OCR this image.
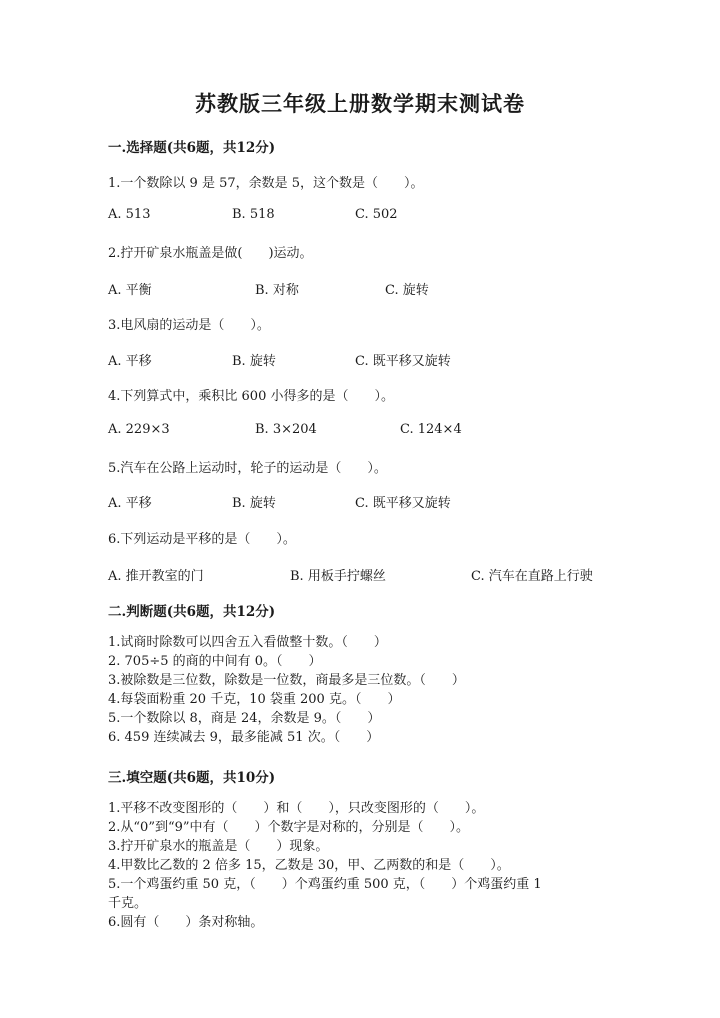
苏教版三年级上册数学期末测试卷
一.选择题(共6题，共12分)
1.一个数除以 9 是 57，余数是 5，这个数是（　　）。
A. 513	B. 518	C. 502
2.拧开矿泉水瓶盖是做(　　)运动。
A. 平衡	B. 对称	C. 旋转
3.电风扇的运动是（　　）。
A. 平移	B. 旋转	C. 既平移又旋转
4.下列算式中，乘积比 600 小得多的是（　　）。
A. 229×3	B. 3×204	C. 124×4
5.汽车在公路上运动时，轮子的运动是（　　）。
A. 平移	B. 旋转	C. 既平移又旋转
6.下列运动是平移的是（　　）。
A. 推开教室的门	B. 用板手拧螺丝	C. 汽车在直路上行驶
二.判断题(共6题，共12分)
1.试商时除数可以四舍五入看做整十数。（　　）
2. 705÷5 的商的中间有 0。（　　）
3.被除数是三位数，除数是一位数，商最多是三位数。（　　）
4.每袋面粉重 20 千克，10 袋重 200 克。（　　）
5.一个数除以 8，商是 24，余数是 9。（　　）
6. 459 连续减去 9，最多能减 51 次。（　　）
三.填空题(共6题，共10分)
1.平移不改变图形的（　　）和（　　），只改变图形的（　　）。
2.从“0”到“9”中有（　　）个数字是对称的，分别是（　　）。
3.拧开矿泉水的瓶盖是（　　）现象。
4.甲数比乙数的 2 倍多 15，乙数是 30，甲、乙两数的和是（　　）。
5.一个鸡蛋约重 50 克，（　　）个鸡蛋约重 500 克，（　　）个鸡蛋约重 1
千克。
6.圆有（　　）条对称轴。
